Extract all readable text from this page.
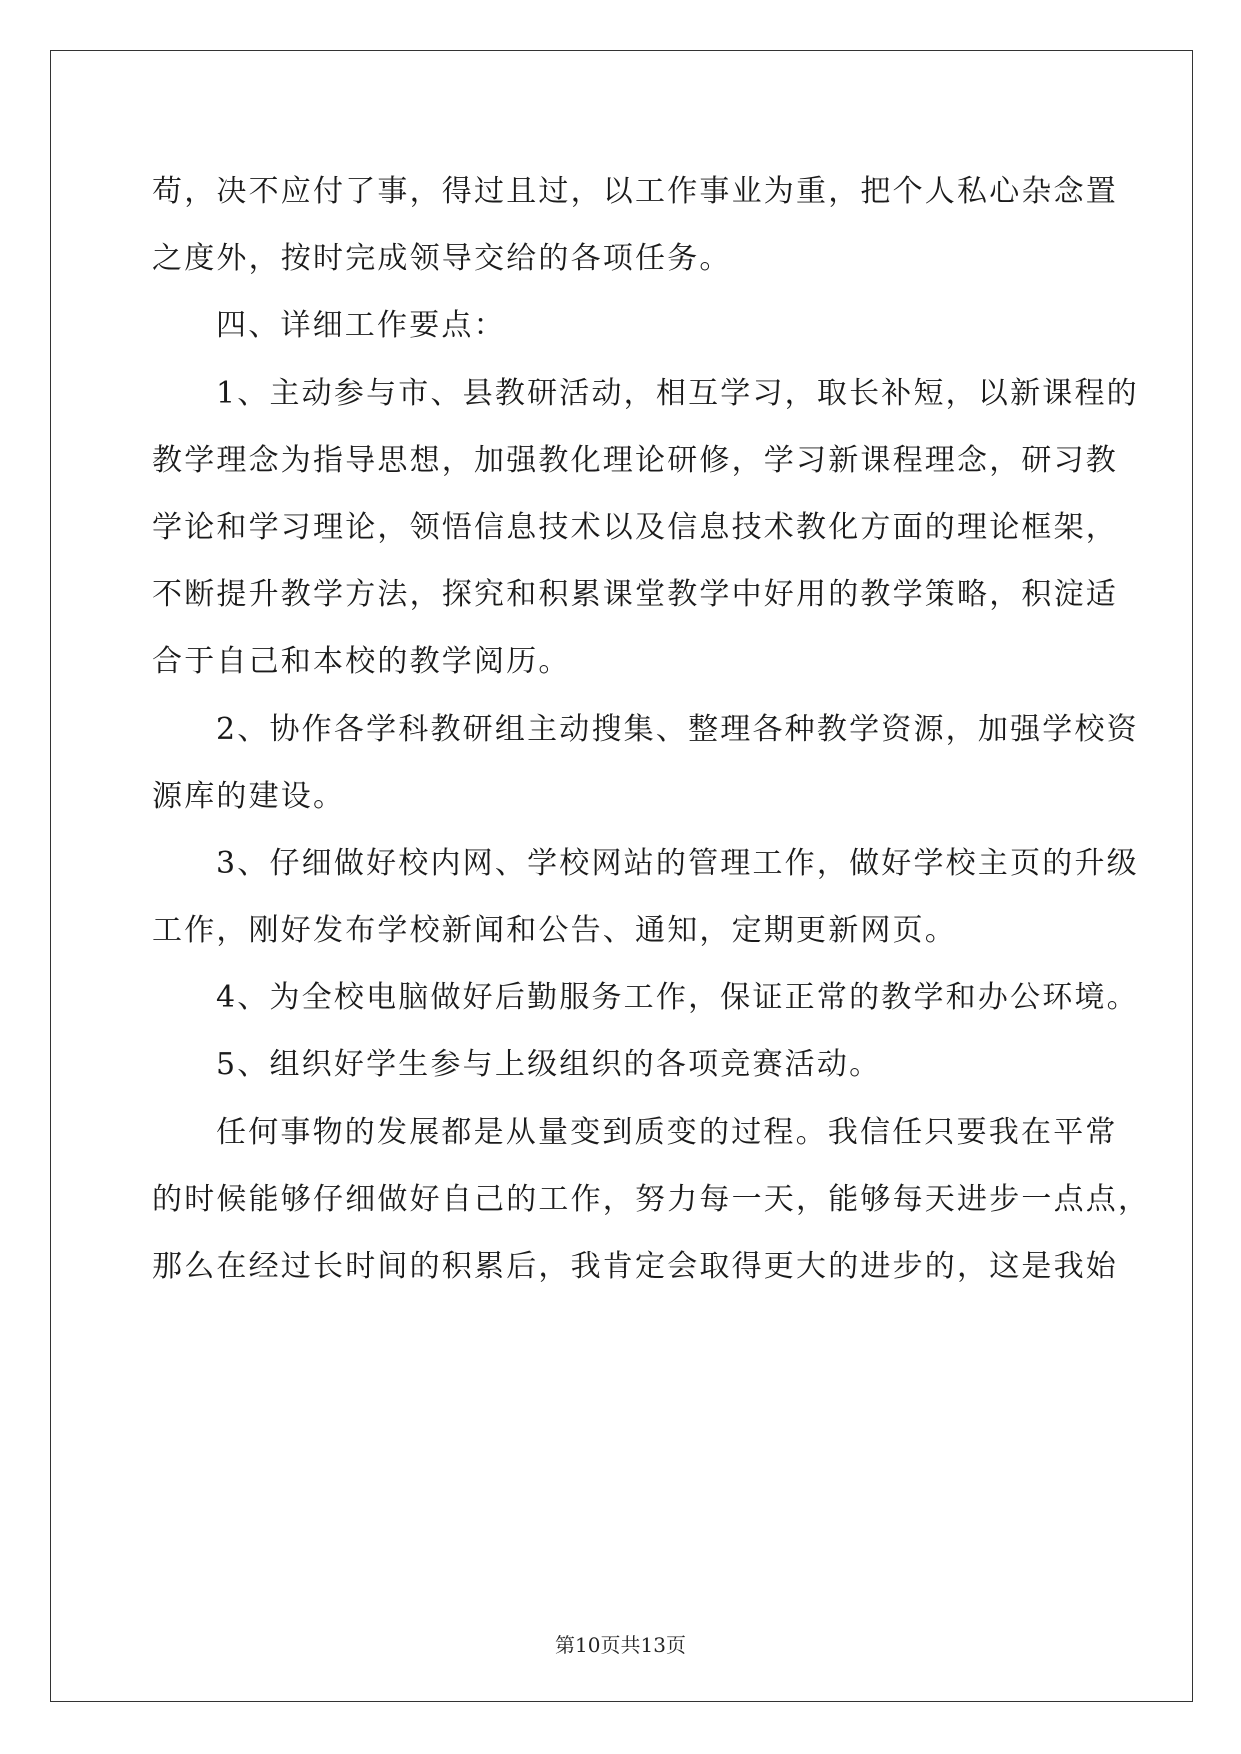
苟，决不应付了事，得过且过，以工作事业为重，把个人私心杂念置
之度外，按时完成领导交给的各项任务。
四、详细工作要点：
1、主动参与市、县教研活动，相互学习，取长补短，以新课程的
教学理念为指导思想，加强教化理论研修，学习新课程理念，研习教
学论和学习理论，领悟信息技术以及信息技术教化方面的理论框架，
不断提升教学方法，探究和积累课堂教学中好用的教学策略，积淀适
合于自己和本校的教学阅历。
2、协作各学科教研组主动搜集、整理各种教学资源，加强学校资
源库的建设。
3、仔细做好校内网、学校网站的管理工作，做好学校主页的升级
工作，刚好发布学校新闻和公告、通知，定期更新网页。
4、为全校电脑做好后勤服务工作，保证正常的教学和办公环境。
5、组织好学生参与上级组织的各项竞赛活动。
任何事物的发展都是从量变到质变的过程。我信任只要我在平常
的时候能够仔细做好自己的工作，努力每一天，能够每天进步一点点，
那么在经过长时间的积累后，我肯定会取得更大的进步的，这是我始
第10页共13页
